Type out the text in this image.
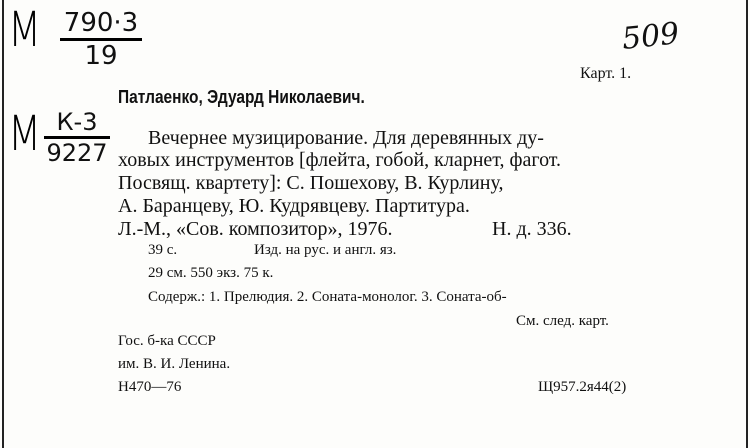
М 790·3
19
М К-3
9227
509
Карт. 1.
Патлаенко, Эдуард Николаевич.
Вечернее музицирование. Для деревянных ду-
ховых инструментов [флейта, гобой, кларнет, фагот.
Посвящ. квартету]: С. Пошехову, В. Курлину,
А. Баранцеву, Ю. Кудрявцеву. Партитура.
Л.-М., «Сов. композитор», 1976.	Н. д. 336.
39 с.	Изд. на рус. и англ. яз.
29 см. 550 экз. 75 к.
Содерж.: 1. Прелюдия. 2. Соната-монолог. 3. Соната-об-
См. след. карт.
Гос. б-ка СССР
им. В. И. Ленина.
Н470—76	Щ957.2я44(2)
